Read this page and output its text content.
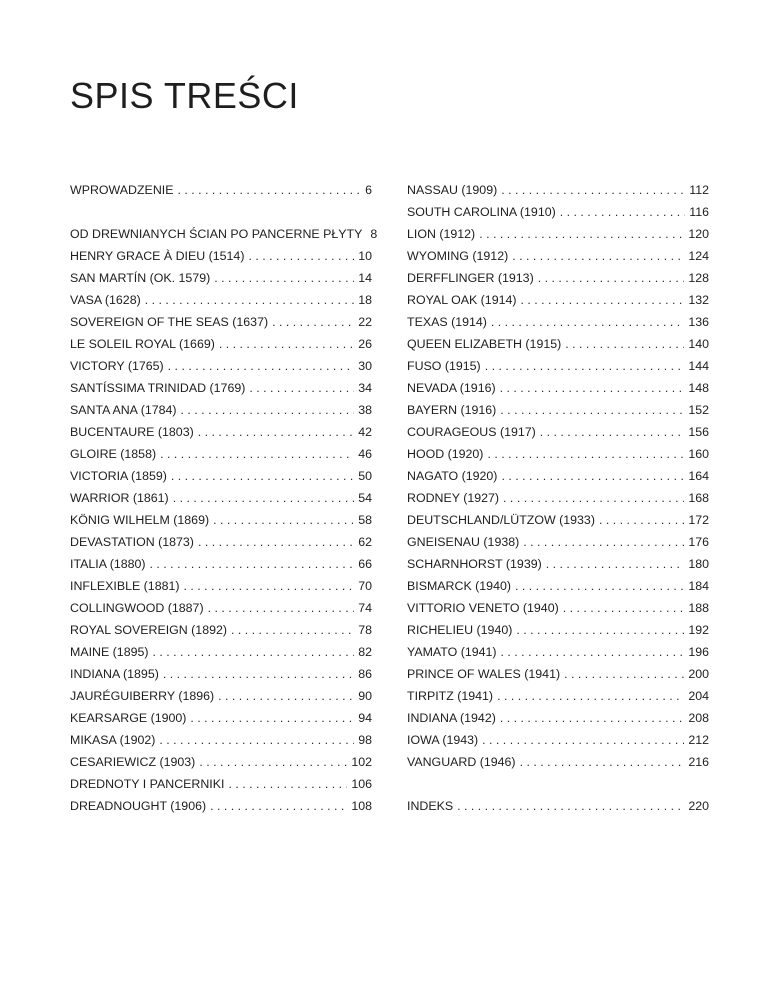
SPIS TREŚCI
WPROWADZENIE . . .	6
OD DREWNIANYCH ŚCIAN PO PANCERNE PŁYTY 8
HENRY GRACE À DIEU (1514) . . .	10
SAN MARTÍN (OK. 1579) . . .	14
VASA (1628) . . .	18
SOVEREIGN OF THE SEAS (1637) . . .	22
LE SOLEIL ROYAL (1669) . . .	26
VICTORY (1765) . . .	30
SANTÍSSIMA TRINIDAD (1769) . . .	34
SANTA ANA (1784) . . .	38
BUCENTAURE (1803) . . .	42
GLOIRE (1858) . . .	46
VICTORIA (1859) . . .	50
WARRIOR (1861) . . .	54
KÖNIG WILHELM (1869) . . .	58
DEVASTATION (1873) . . .	62
ITALIA (1880) . . .	66
INFLEXIBLE (1881) . . .	70
COLLINGWOOD (1887) . . .	74
ROYAL SOVEREIGN (1892) . . .	78
MAINE (1895) . . .	82
INDIANA (1895) . . .	86
JAURÉGUIBERRY (1896) . . .	90
KEARSARGE (1900) . . .	94
MIKASA (1902) . . .	98
CESARIEWICZ (1903) . . .	102
DREDNOTY I PANCERNIKI . . .	106
DREADNOUGHT (1906) . . .	108
NASSAU (1909) . . .	112
SOUTH CAROLINA (1910) . . .	116
LION (1912) . . .	120
WYOMING (1912) . . .	124
DERFFLINGER (1913) . . .	128
ROYAL OAK (1914) . . .	132
TEXAS (1914) . . .	136
QUEEN ELIZABETH (1915) . . .	140
FUSO (1915) . . .	144
NEVADA (1916) . . .	148
BAYERN (1916) . . .	152
COURAGEOUS (1917) . . .	156
HOOD (1920) . . .	160
NAGATO (1920) . . .	164
RODNEY (1927) . . .	168
DEUTSCHLAND/LÜTZOW (1933) . . .	172
GNEISENAU (1938) . . .	176
SCHARNHORST (1939) . . .	180
BISMARCK (1940) . . .	184
VITTORIO VENETO (1940) . . .	188
RICHELIEU (1940) . . .	192
YAMATO (1941) . . .	196
PRINCE OF WALES (1941) . . .	200
TIRPITZ (1941) . . .	204
INDIANA (1942) . . .	208
IOWA (1943) . . .	212
VANGUARD (1946) . . .	216
INDEKS . . .	220
